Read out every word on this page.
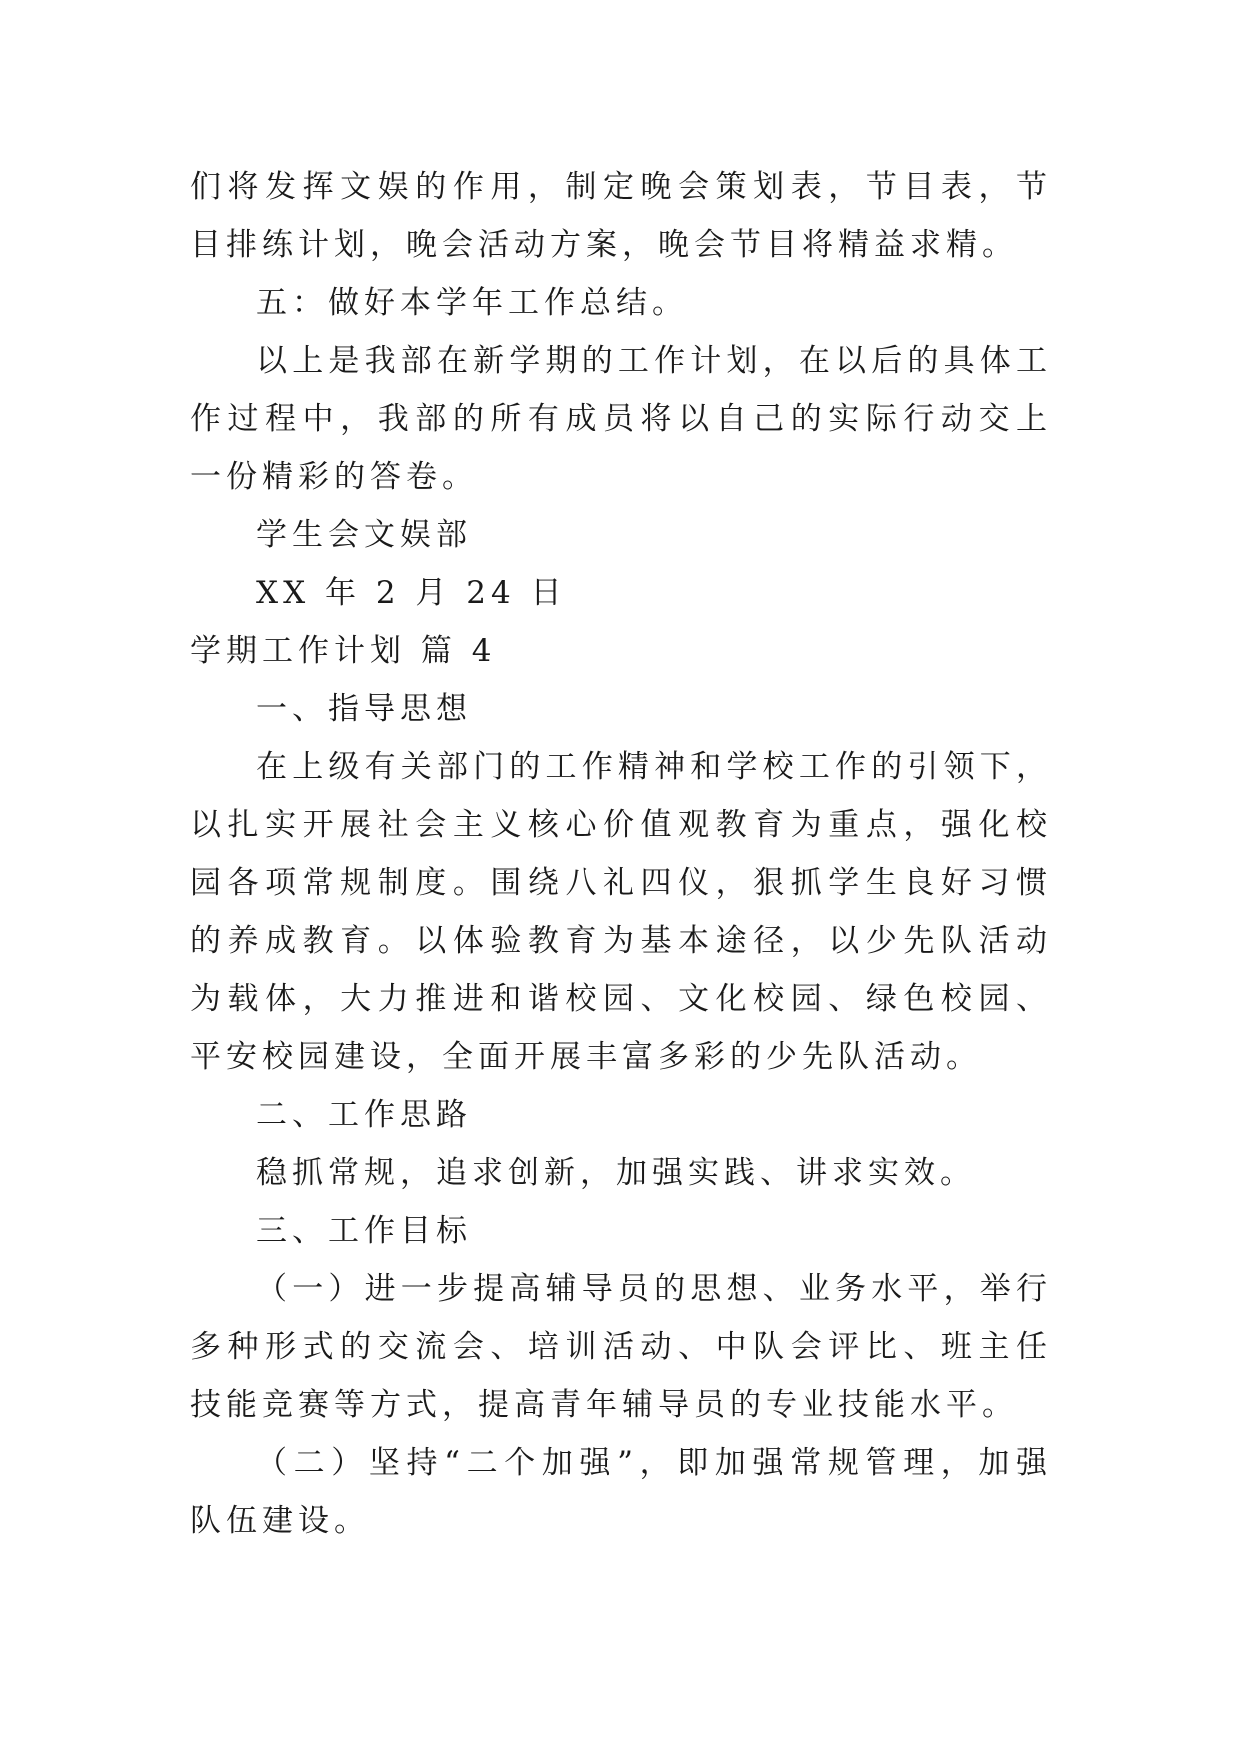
们将发挥文娱的作用，制定晚会策划表，节目表，节目排练计划，晚会活动方案，晚会节目将精益求精。

五：做好本学年工作总结。

以上是我部在新学期的工作计划，在以后的具体工作过程中，我部的所有成员将以自己的实际行动交上一份精彩的答卷。

学生会文娱部

XX 年 2 月 24 日

学期工作计划 篇 4

一、指导思想

在上级有关部门的工作精神和学校工作的引领下，以扎实开展社会主义核心价值观教育为重点，强化校园各项常规制度。围绕八礼四仪，狠抓学生良好习惯的养成教育。以体验教育为基本途径，以少先队活动为载体，大力推进和谐校园、文化校园、绿色校园、平安校园建设，全面开展丰富多彩的少先队活动。

二、工作思路

稳抓常规，追求创新，加强实践、讲求实效。

三、工作目标

（一）进一步提高辅导员的思想、业务水平，举行多种形式的交流会、培训活动、中队会评比、班主任技能竞赛等方式，提高青年辅导员的专业技能水平。

（二）坚持“二个加强”，即加强常规管理，加强队伍建设。
